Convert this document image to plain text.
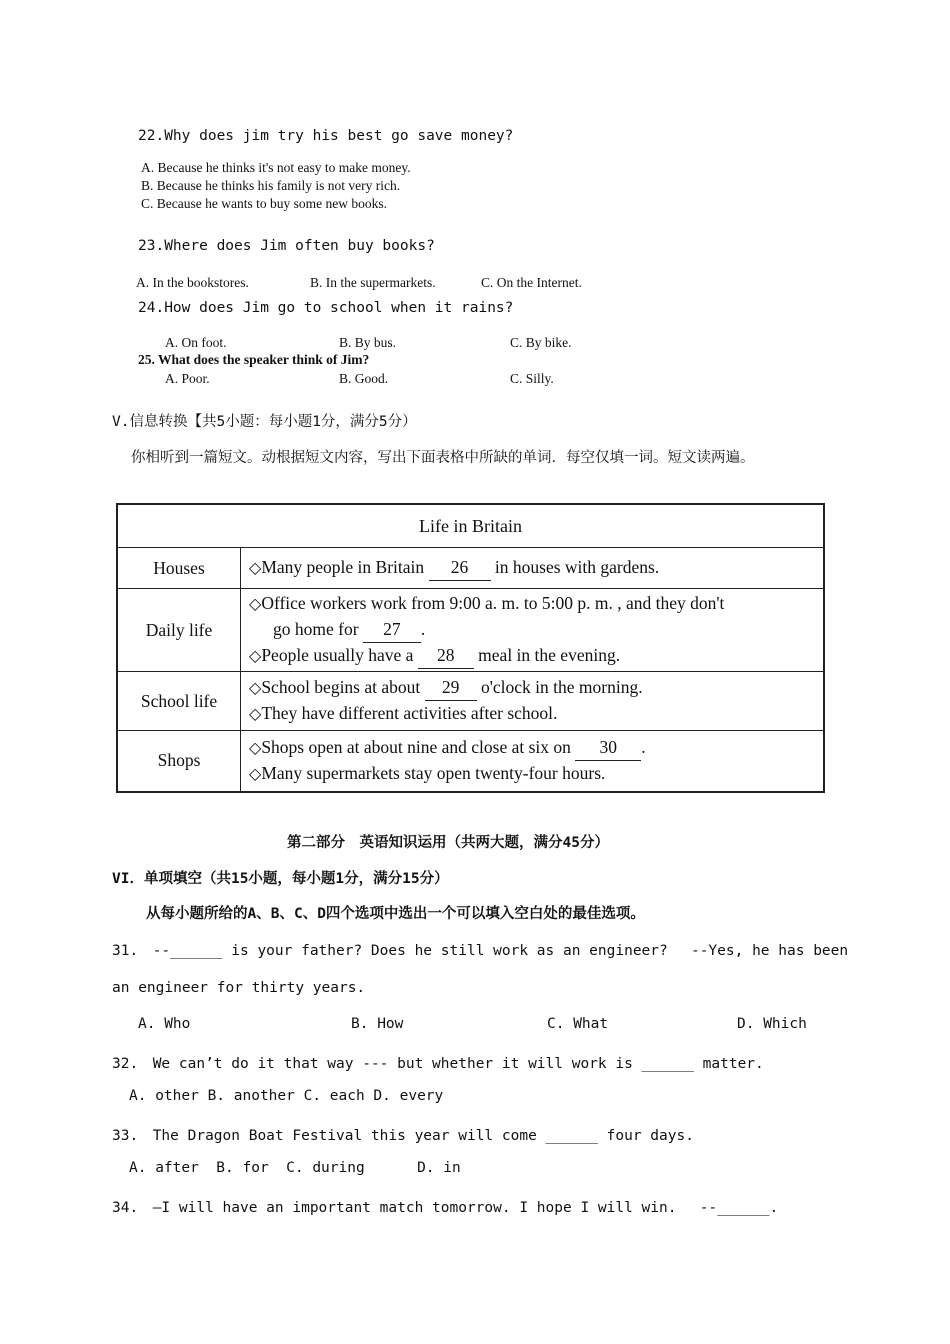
22.Why does jim try his best go save money?
A. Because he thinks it's not easy to make money.
B. Because he thinks his family is not very rich.
C. Because he wants to buy some new books.
23.Where does Jim often buy books?
A. In the bookstores.	B. In the supermarkets.	C. On the Internet.
24.How does Jim go to school when it rains?
A. On foot.	B. By bus.	C. By bike.
25. What does the speaker think of Jim?
A. Poor.	B. Good.	C. Silly.
V.信息转换【共5小题：每小题1分，满分5分）
你相听到一篇短文。动根据短文内容，写出下面表格中所缺的单词．每空仅填一词。短文读两遍。
Life in Britain	
Houses	◇Many people in Britain 26 in houses with gardens.

Daily life	◇Office workers work from 9:00 a. m. to 5:00 p. m. , and they don't
go home for 27 .
◇People usually have a 28 meal in the evening.

School life	◇School begins at about 29 o'clock in the morning.
◇They have different activities after school.

Shops	◇Shops open at about nine and close at six on 30 .
◇Many supermarkets stay open twenty-four hours.
第二部分　英语知识运用（共两大题，满分45分）
VI．单项填空（共15小题，每小题1分，满分15分）
从每小题所给的A、B、C、D四个选项中选出一个可以填入空白处的最佳选项。
31.　--______ is your father? Does he still work as an engineer?　 --Yes, he has been
an engineer for thirty years.
A. Who	B. How	C. What	D. Which
32.　We can’t do it that way --- but whether it will work is ______ matter.
A. other B. another C. each D. every
33.　The Dragon Boat Festival this year will come ______ four days.
A. after  B. for  C. during      D. in
34.　–I will have an important match tomorrow. I hope I will win.　 --______.
